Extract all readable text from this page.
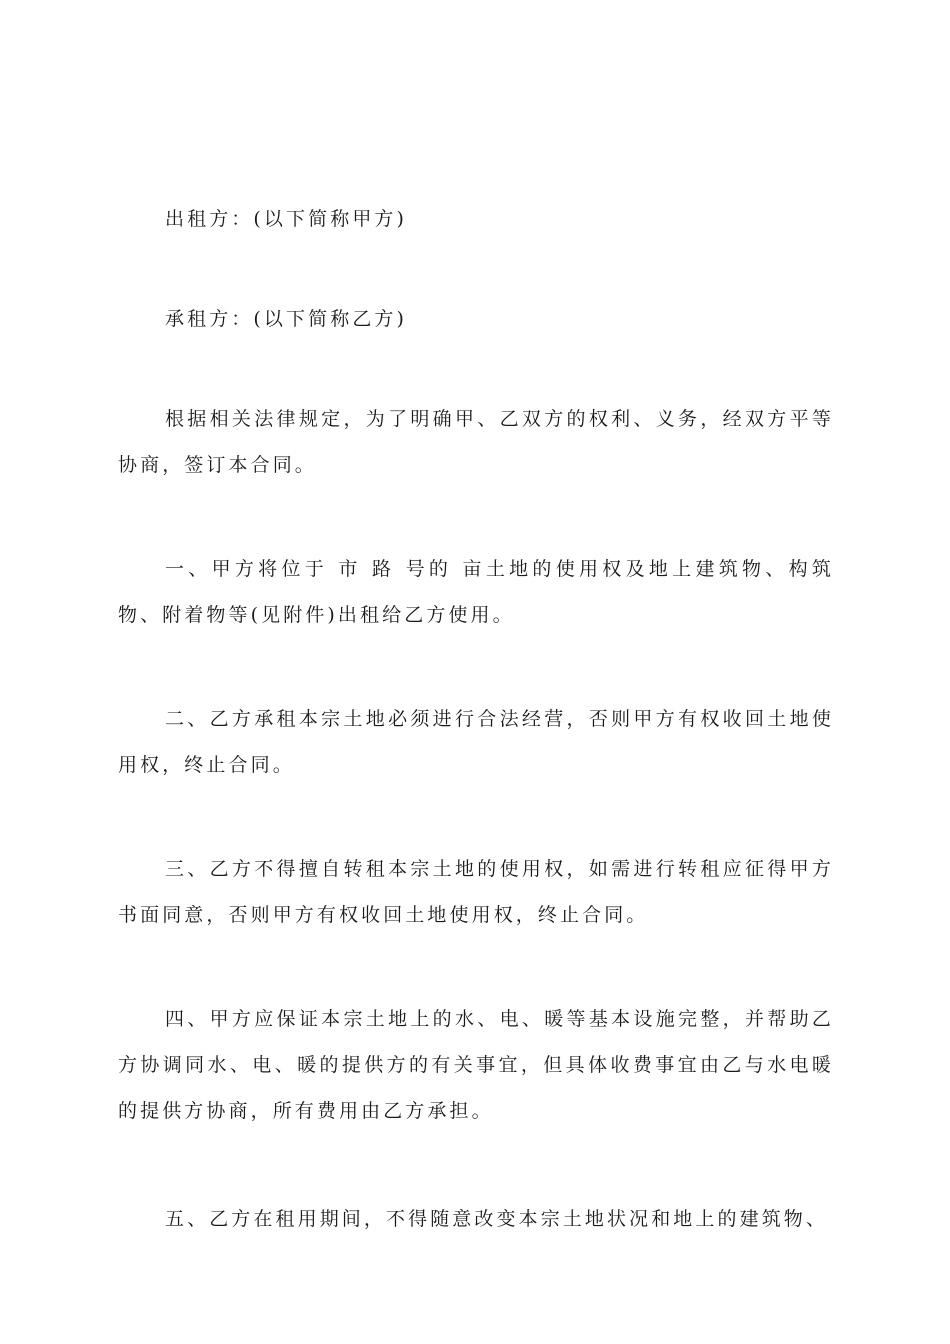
出租方：(以下简称甲方)

承租方：(以下简称乙方)

根据相关法律规定，为了明确甲、乙双方的权利、义务，经双方平等协商，签订本合同。

一、甲方将位于 市 路 号的 亩土地的使用权及地上建筑物、构筑物、附着物等(见附件)出租给乙方使用。

二、乙方承租本宗土地必须进行合法经营，否则甲方有权收回土地使用权，终止合同。

三、乙方不得擅自转租本宗土地的使用权，如需进行转租应征得甲方书面同意，否则甲方有权收回土地使用权，终止合同。

四、甲方应保证本宗土地上的水、电、暖等基本设施完整，并帮助乙方协调同水、电、暖的提供方的有关事宜，但具体收费事宜由乙与水电暖的提供方协商，所有费用由乙方承担。

五、乙方在租用期间，不得随意改变本宗土地状况和地上的建筑物、
